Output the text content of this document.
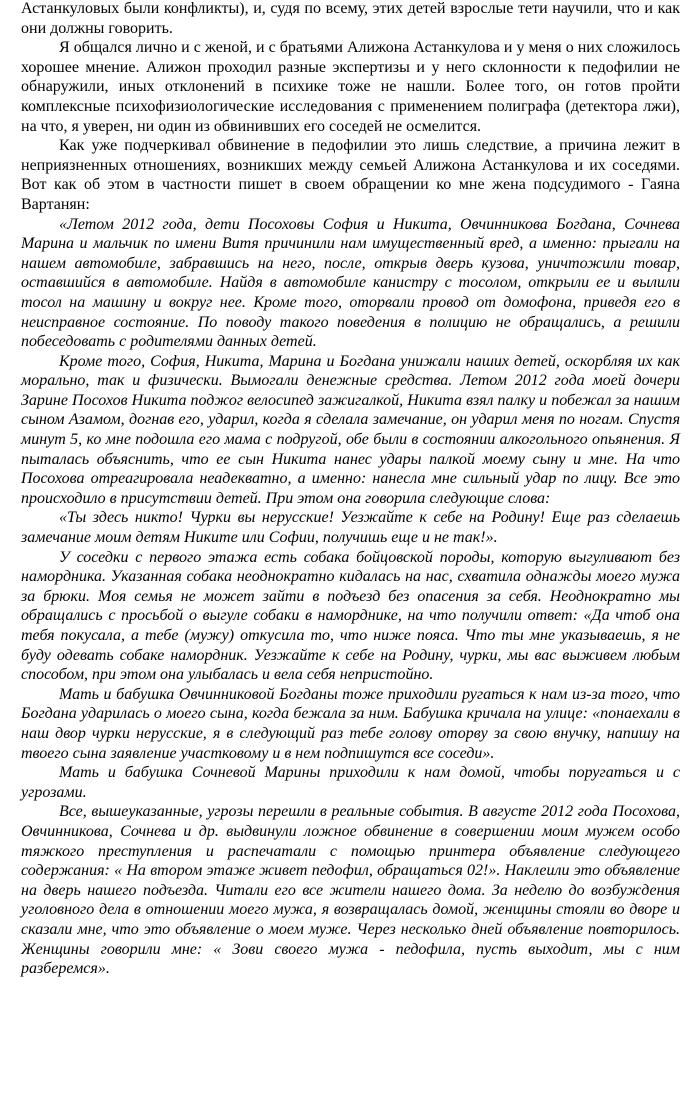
Астанкуловых были конфликты), и, судя по всему, этих детей взрослые тети научили, что и как они должны говорить.

Я общался лично и с женой, и с братьями Алижона Астанкулова и у меня о них сложилось хорошее мнение. Алижон проходил разные экспертизы и у него склонности к педофилии не обнаружили, иных отклонений в психике тоже не нашли. Более того, он готов пройти комплексные психофизиологические исследования с применением полиграфа (детектора лжи), на что, я уверен, ни один из обвинивших его соседей не осмелится.

Как уже подчеркивал обвинение в педофилии это лишь следствие, а причина лежит в неприязненных отношениях, возникших между семьей Алижона Астанкулова и их соседями. Вот как об этом в частности пишет в своем обращении ко мне жена подсудимого - Гаяна Вартанян:

«Летом 2012 года, дети Посоховы София и Никита, Овчинникова Богдана, Сочнева Марина и мальчик по имени Витя причинили нам имущественный вред, а именно: прыгали на нашем автомобиле, забравшись на него, после, открыв дверь кузова, уничтожили товар, оставшийся в автомобиле. Найдя в автомобиле канистру с тосолом, открыли ее и вылили тосол на машину и вокруг нее. Кроме того, оторвали провод от домофона, приведя его в неисправное состояние. По поводу такого поведения в полицию не обращались, а решили побеседовать с родителями данных детей.

Кроме того, София, Никита, Марина и Богдана унижали наших детей, оскорбляя их как морально, так и физически. Вымогали денежные средства. Летом 2012 года моей дочери Зарине Посохов Никита поджог велосипед зажигалкой, Никита взял палку и побежал за нашим сыном Азамом, догнав его, ударил, когда я сделала замечание, он ударил меня по ногам. Спустя минут 5, ко мне подошла его мама с подругой, обе были в состоянии алкогольного опьянения. Я пыталась объяснить, что ее сын Никита нанес удары палкой моему сыну и мне. На что Посохова отреагировала неадекватно, а именно: нанесла мне сильный удар по лицу. Все это происходило в присутствии детей. При этом она говорила следующие слова:

«Ты здесь никто! Чурки вы нерусские! Уезжайте к себе на Родину! Еще раз сделаешь замечание моим детям Никите или Софии, получишь еще и не так!».

У соседки с первого этажа есть собака бойцовской породы, которую выгуливают без намордника. Указанная собака неоднократно кидалась на нас, схватила однажды моего мужа за брюки. Моя семья не может зайти в подъезд без опасения за себя. Неоднократно мы обращались с просьбой о выгуле собаки в наморднике, на что получили ответ: «Да чтоб она тебя покусала, а тебе (мужу) откусила то, что ниже пояса. Что ты мне указываешь, я не буду одевать собаке намордник. Уезжайте к себе на Родину, чурки, мы вас выживем любым способом, при этом она улыбалась и вела себя непристойно.

Мать и бабушка Овчинниковой Богданы тоже приходили ругаться к нам из-за того, что Богдана ударилась о моего сына, когда бежала за ним. Бабушка кричала на улице: «понаехали в наш двор чурки нерусские, я в следующий раз тебе голову оторву за свою внучку, напишу на твоего сына заявление участковому и в нем подпишутся все соседи».

Мать и бабушка Сочневой Марины приходили к нам домой, чтобы поругаться и с угрозами.

Все, вышеуказанные, угрозы перешли в реальные события. В августе 2012 года Посохова, Овчинникова, Сочнева и др. выдвинули ложное обвинение в совершении моим мужем особо тяжкого преступления и распечатали с помощью принтера объявление следующего содержания: « На втором этаже живет педофил, обращаться 02!». Наклеили это объявление на дверь нашего подъезда. Читали его все жители нашего дома. За неделю до возбуждения уголовного дела в отношении моего мужа, я возвращалась домой, женщины стояли во дворе и сказали мне, что это объявление о моем муже. Через несколько дней объявление повторилось. Женщины говорили мне: « Зови своего мужа - педофила, пусть выходит, мы с ним разберемся».
